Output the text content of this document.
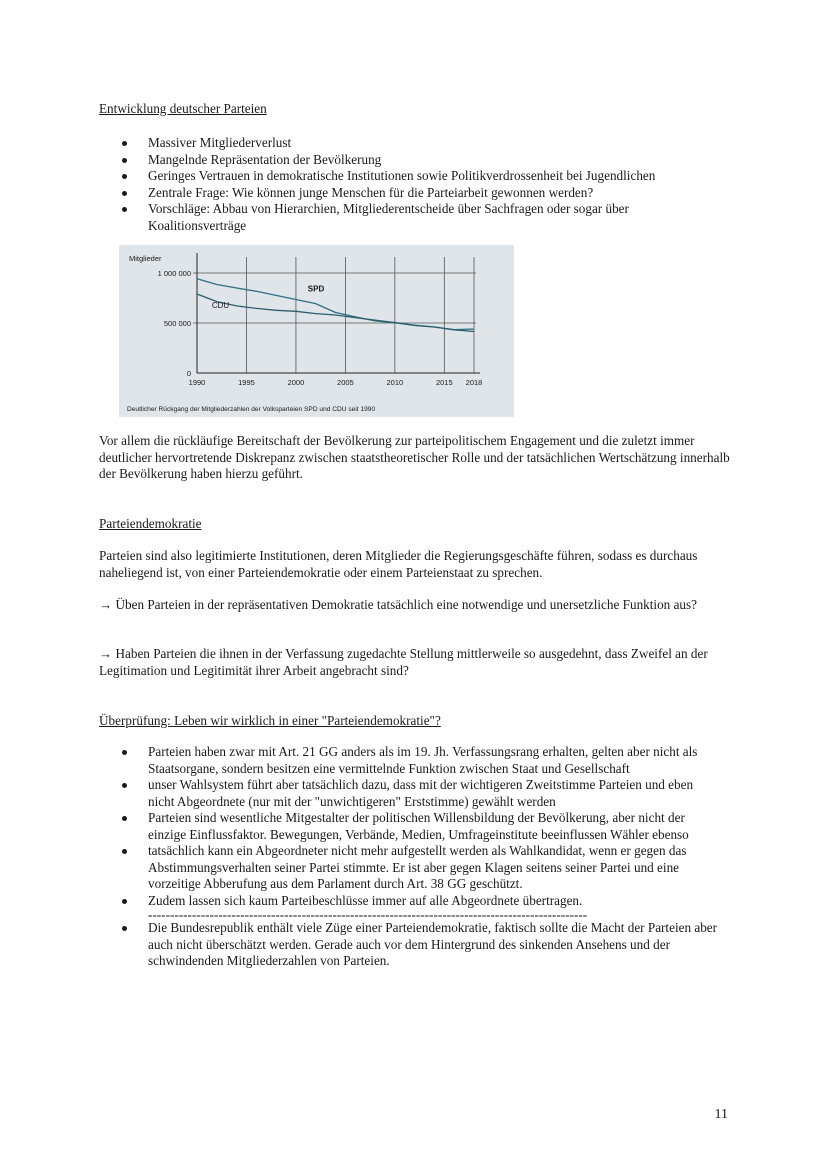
Entwicklung deutscher Parteien
Massiver Mitgliederverlust
Mangelnde Repräsentation der Bevölkerung
Geringes Vertrauen in demokratische Institutionen sowie Politikverdrossenheit bei Jugendlichen
Zentrale Frage: Wie können junge Menschen für die Parteiarbeit gewonnen werden?
Vorschläge: Abbau von Hierarchien, Mitgliederentscheide über Sachfragen oder sogar über Koalitionsverträge
1990	1995	2000	2005	2010	2015 2018
0
500 000
1 000 000
Mitglieder
SPD
CDU
Deutlicher Rückgang der Mitgliederzahlen der Volksparteien SPD und CDU seit 1990

Vor allem die rückläufige Bereitschaft der Bevölkerung zur parteipolitischem Engagement und die zuletzt immer deutlicher hervortretende Diskrepanz zwischen staatstheoretischer Rolle und der tatsächlichen Wertschätzung innerhalb der Bevölkerung haben hierzu geführt.

Parteiendemokratie

Parteien sind also legitimierte Institutionen, deren Mitglieder die Regierungsgeschäfte führen, sodass es durchaus naheliegend ist, von einer Parteiendemokratie oder einem Parteienstaat zu sprechen.

→ Üben Parteien in der repräsentativen Demokratie tatsächlich eine notwendige und unersetzliche Funktion aus?

→ Haben Parteien die ihnen in der Verfassung zugedachte Stellung mittlerweile so ausgedehnt, dass Zweifel an der Legitimation und Legitimität ihrer Arbeit angebracht sind?

Überprüfung: Leben wir wirklich in einer "Parteiendemokratie"?
Parteien haben zwar mit Art. 21 GG anders als im 19. Jh. Verfassungsrang erhalten, gelten aber nicht als Staatsorgane, sondern besitzen eine vermittelnde Funktion zwischen Staat und Gesellschaft
unser Wahlsystem führt aber tatsächlich dazu, dass mit der wichtigeren Zweitstimme Parteien und eben nicht Abgeordnete (nur mit der "unwichtigeren" Erststimme) gewählt werden
Parteien sind wesentliche Mitgestalter der politischen Willensbildung der Bevölkerung, aber nicht der einzige Einflussfaktor. Bewegungen, Verbände, Medien, Umfrageinstitute beeinflussen Wähler ebenso
tatsächlich kann ein Abgeordneter nicht mehr aufgestellt werden als Wahlkandidat, wenn er gegen das Abstimmungsverhalten seiner Partei stimmte. Er ist aber gegen Klagen seitens seiner Partei und eine vorzeitige Abberufung aus dem Parlament durch Art. 38 GG geschützt.
Zudem lassen sich kaum Parteibeschlüsse immer auf alle Abgeordnete übertragen.
----------------------------------------------------------------------------------------------------
Die Bundesrepublik enthält viele Züge einer Parteiendemokratie, faktisch sollte die Macht der Parteien aber auch nicht überschätzt werden. Gerade auch vor dem Hintergrund des sinkenden Ansehens und der schwindenden Mitgliederzahlen von Parteien.
11
